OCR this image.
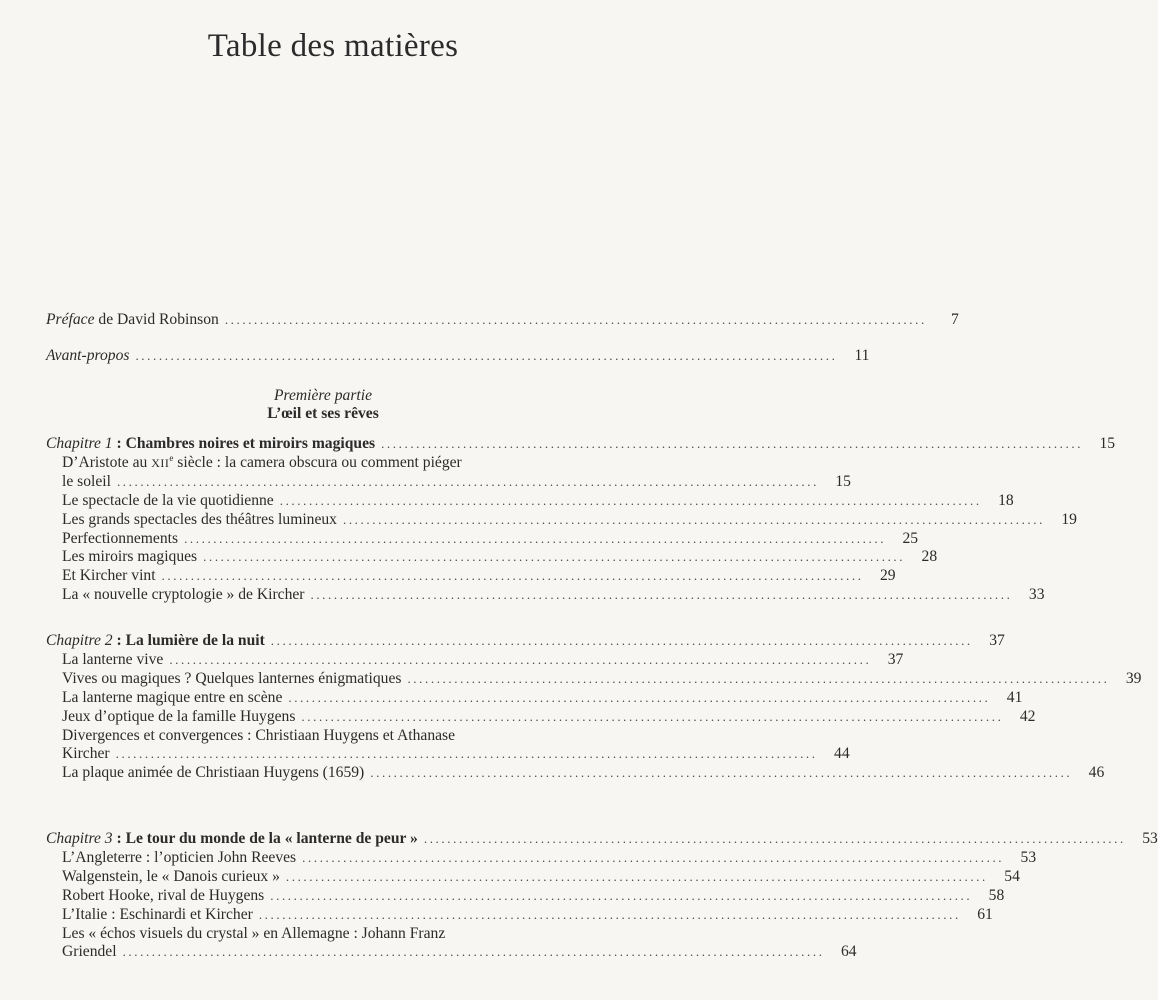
Table des matières
Préface de David Robinson ........................................................................................................................	7
Avant-propos ........................................................................................................................	11
Première partie
L’œil et ses rêves
Chapitre 1 : Chambres noires et miroirs magiques ........................................................................................................................	15
D’Aristote au XIIe siècle : la camera obscura ou comment piéger
le soleil ........................................................................................................................	15
Le spectacle de la vie quotidienne ........................................................................................................................	18
Les grands spectacles des théâtres lumineux ........................................................................................................................	19
Perfectionnements ........................................................................................................................	25
Les miroirs magiques ........................................................................................................................	28
Et Kircher vint ........................................................................................................................	29
La « nouvelle cryptologie » de Kircher ........................................................................................................................	33
Chapitre 2 : La lumière de la nuit ........................................................................................................................	37
La lanterne vive ........................................................................................................................	37
Vives ou magiques ? Quelques lanternes énigmatiques ........................................................................................................................	39
La lanterne magique entre en scène ........................................................................................................................	41
Jeux d’optique de la famille Huygens ........................................................................................................................	42
Divergences et convergences : Christiaan Huygens et Athanase
Kircher ........................................................................................................................	44
La plaque animée de Christiaan Huygens (1659) ........................................................................................................................	46
Chapitre 3 : Le tour du monde de la « lanterne de peur » ........................................................................................................................	53
L’Angleterre : l’opticien John Reeves ........................................................................................................................	53
Walgenstein, le « Danois curieux » ........................................................................................................................	54
Robert Hooke, rival de Huygens ........................................................................................................................	58
L’Italie : Eschinardi et Kircher ........................................................................................................................	61
Les « échos visuels du crystal » en Allemagne : Johann Franz
Griendel ........................................................................................................................	64
